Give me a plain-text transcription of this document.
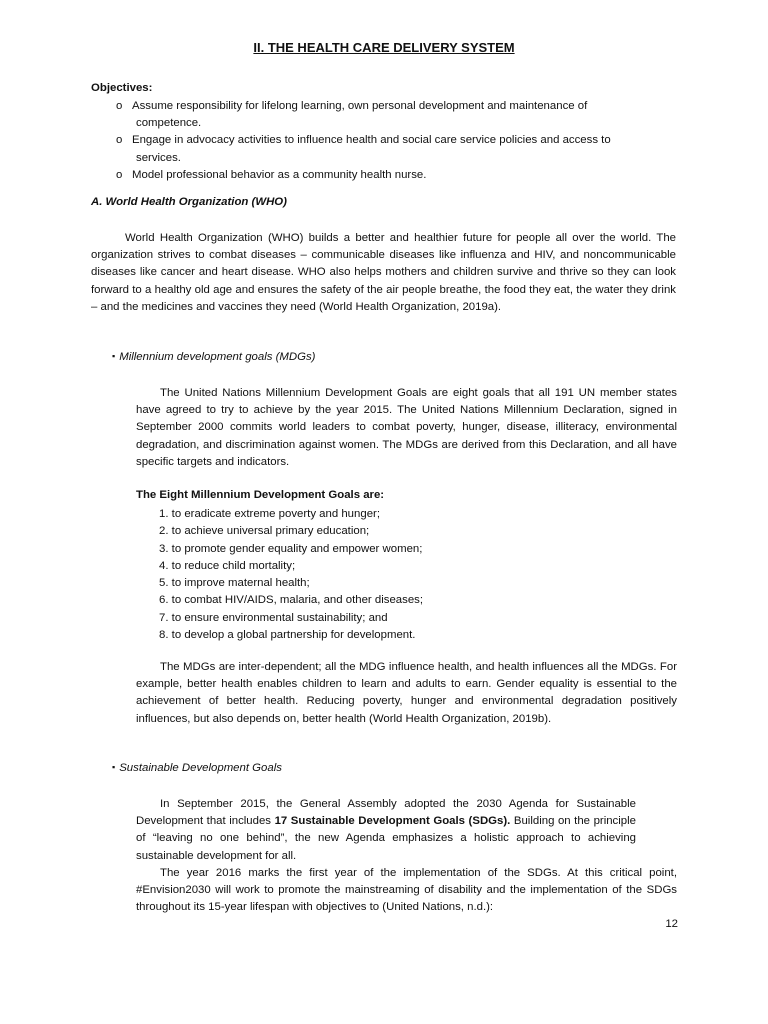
II. THE HEALTH CARE DELIVERY SYSTEM
Objectives:
o Assume responsibility for lifelong learning, own personal development and maintenance of
competence.
o Engage in advocacy activities to influence health and social care service policies and access to
services.
o Model professional behavior as a community health nurse.
A. World Health Organization (WHO)
World Health Organization (WHO) builds a better and healthier future for people all over the world. The organization strives to combat diseases – communicable diseases like influenza and HIV, and noncommunicable diseases like cancer and heart disease. WHO also helps mothers and children survive and thrive so they can look forward to a healthy old age and ensures the safety of the air people breathe, the food they eat, the water they drink – and the medicines and vaccines they need (World Health Organization, 2019a).
▪ Millennium development goals (MDGs)
The United Nations Millennium Development Goals are eight goals that all 191 UN member states have agreed to try to achieve by the year 2015. The United Nations Millennium Declaration, signed in September 2000 commits world leaders to combat poverty, hunger, disease, illiteracy, environmental degradation, and discrimination against women. The MDGs are derived from this Declaration, and all have specific targets and indicators.
The Eight Millennium Development Goals are:
1. to eradicate extreme poverty and hunger;
2. to achieve universal primary education;
3. to promote gender equality and empower women;
4. to reduce child mortality;
5. to improve maternal health;
6. to combat HIV/AIDS, malaria, and other diseases;
7. to ensure environmental sustainability; and
8. to develop a global partnership for development.
The MDGs are inter-dependent; all the MDG influence health, and health influences all the MDGs. For example, better health enables children to learn and adults to earn. Gender equality is essential to the achievement of better health. Reducing poverty, hunger and environmental degradation positively influences, but also depends on, better health (World Health Organization, 2019b).
▪ Sustainable Development Goals
In September 2015, the General Assembly adopted the 2030 Agenda for Sustainable Development that includes 17 Sustainable Development Goals (SDGs). Building on the principle of “leaving no one behind”, the new Agenda emphasizes a holistic approach to achieving sustainable development for all.
The year 2016 marks the first year of the implementation of the SDGs. At this critical point, #Envision2030 will work to promote the mainstreaming of disability and the implementation of the SDGs throughout its 15-year lifespan with objectives to (United Nations, n.d.):
12
